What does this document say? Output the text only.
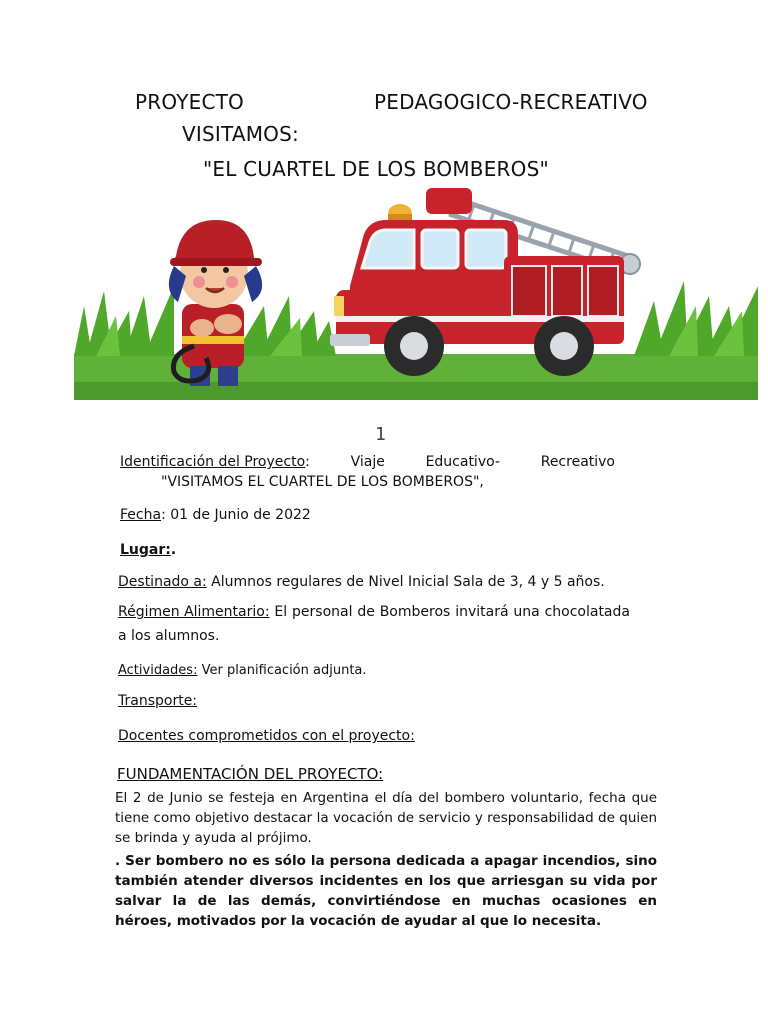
PROYECTO	PEDAGOGICO-RECREATIVO
VISITAMOS:
"EL CUARTEL DE LOS BOMBEROS"
1
Identificación del Proyecto:	Viaje	Educativo-	Recreativo
"VISITAMOS EL CUARTEL DE LOS BOMBEROS",
Fecha: 01 de Junio de 2022
Lugar:.
Destinado a: Alumnos regulares de Nivel Inicial Sala de 3, 4 y 5 años.
Régimen Alimentario: El personal de Bomberos invitará una chocolatada
a los alumnos.
Actividades: Ver planificación adjunta.
Transporte:
Docentes comprometidos con el proyecto:
FUNDAMENTACIÓN DEL PROYECTO:
El 2 de Junio se festeja en Argentina el día del bombero voluntario, fecha que tiene como objetivo destacar la vocación de servicio y responsabilidad de quien se brinda y ayuda al prójimo.
. Ser bombero no es sólo la persona dedicada a apagar incendios, sino también atender diversos incidentes en los que arriesgan su vida por salvar la de las demás, convirtiéndose en muchas ocasiones en héroes, motivados por la vocación de ayudar al que lo necesita.
